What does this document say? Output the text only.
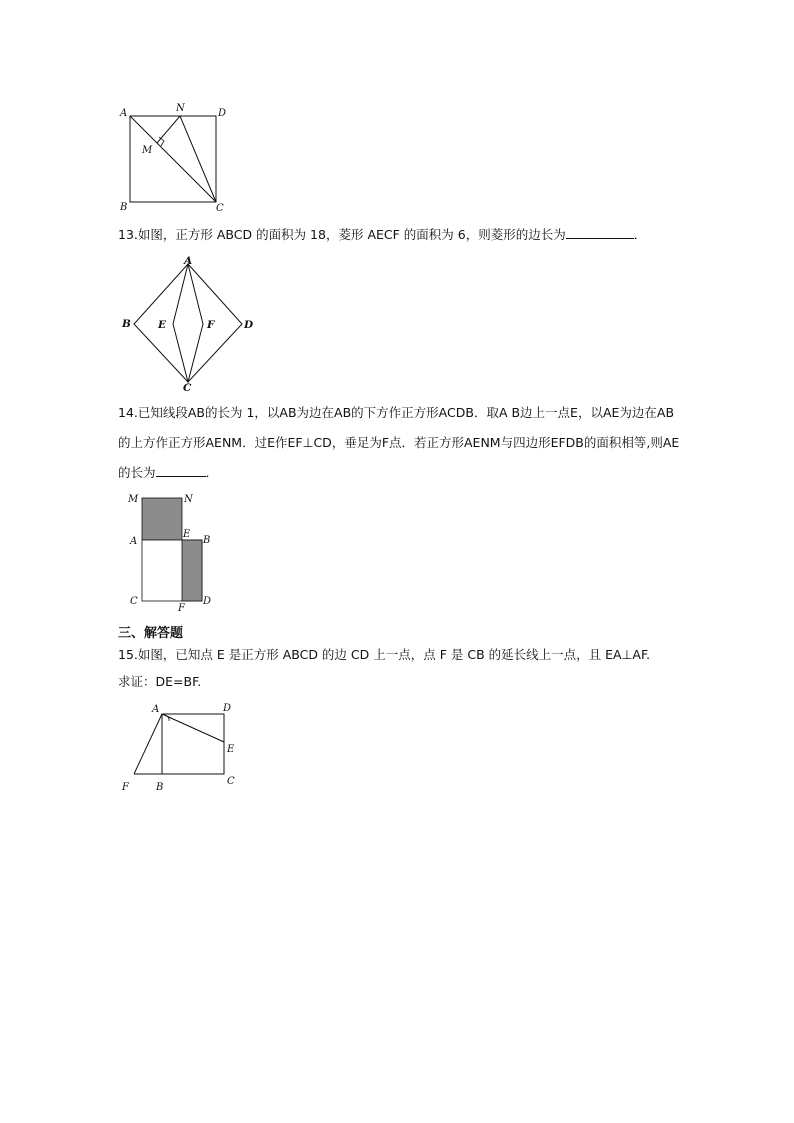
A	N	D
M
B	C
13.如图，正方形 ABCD 的面积为 18，菱形 AECF 的面积为 6，则菱形的边长为	．
A
B	E	F	D
C
14.已知线段AB的长为 1，以AB为边在AB的下方作正方形ACDB．取A B边上一点E，以AE为边在AB
的上方作正方形AENM．过E作EF⊥CD，垂足为F点．若正方形AENM与四边形EFDB的面积相等,则AE
的长为	．
M	N
A
E
B
C
F
D
三、解答题
15.如图，已知点 E 是正方形 ABCD 的边 CD 上一点，点 F 是 CB 的延长线上一点，且 EA⊥AF.
求证：DE=BF.
A	D
E
F	B
C
